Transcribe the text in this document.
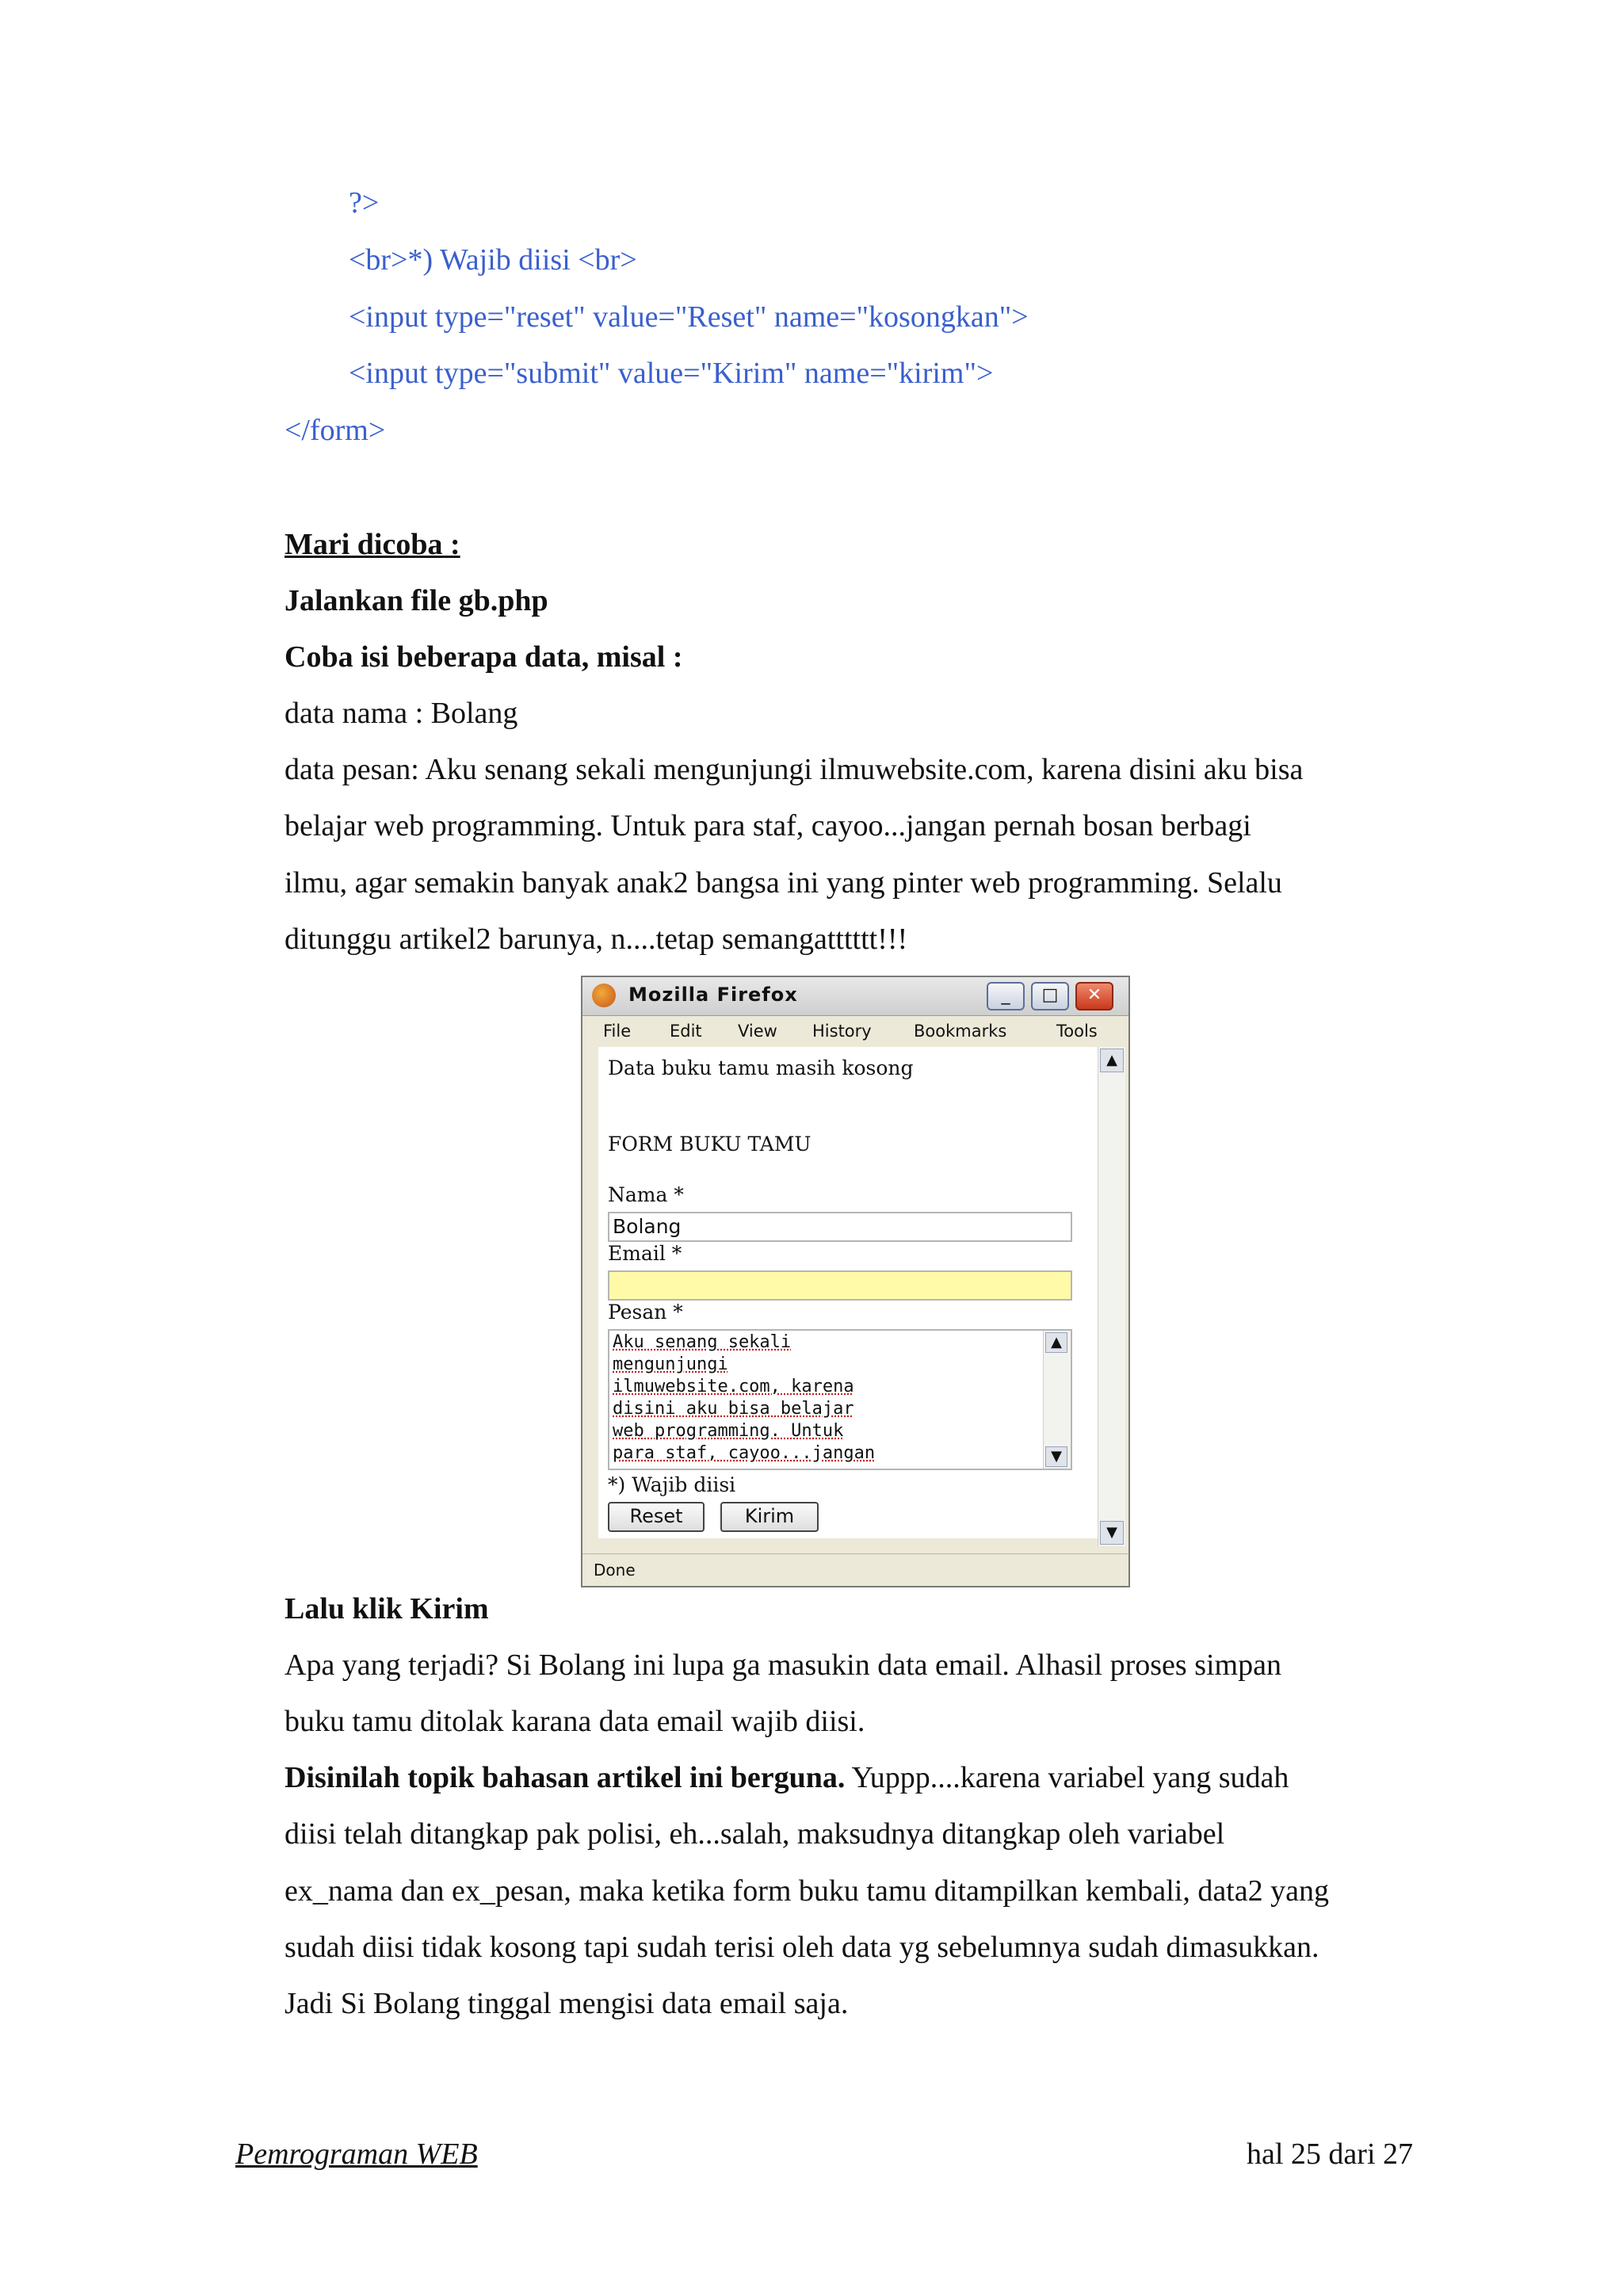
?>
<br>*) Wajib diisi <br>
<input type="reset" value="Reset" name="kosongkan">
<input type="submit" value="Kirim" name="kirim">
</form>
Mari dicoba :
Jalankan file gb.php
Coba isi beberapa data, misal :
data nama : Bolang
data pesan: Aku senang sekali mengunjungi ilmuwebsite.com, karena disini aku bisa
belajar web programming. Untuk para staf, cayoo...jangan pernah bosan berbagi
ilmu, agar semakin banyak anak2 bangsa ini yang pinter web programming. Selalu
ditunggu artikel2 barunya, n....tetap semangatttttt!!!
Mozilla Firefox	_	□	✕
File Edit View History	Bookmarks	Tools
Data buku tamu masih kosong
FORM BUKU TAMU
Nama *
Bolang
Email *
Pesan *
Aku senang sekali
mengunjungi
ilmuwebsite.com, karena
disini aku bisa belajar
web programming. Untuk
para staf, cayoo...jangan
▲
▼
*) Wajib diisi
Reset	Kirim
▲
▼
Done
Lalu klik Kirim
Apa yang terjadi? Si Bolang ini lupa ga masukin data email. Alhasil proses simpan
buku tamu ditolak karana data email wajib diisi.
Disinilah topik bahasan artikel ini berguna. Yuppp....karena variabel yang sudah
diisi telah ditangkap pak polisi, eh...salah, maksudnya ditangkap oleh variabel
ex_nama dan ex_pesan, maka ketika form buku tamu ditampilkan kembali, data2 yang
sudah diisi tidak kosong tapi sudah terisi oleh data yg sebelumnya sudah dimasukkan.
Jadi Si Bolang tinggal mengisi data email saja.
Pemrograman WEB	hal 25 dari 27
